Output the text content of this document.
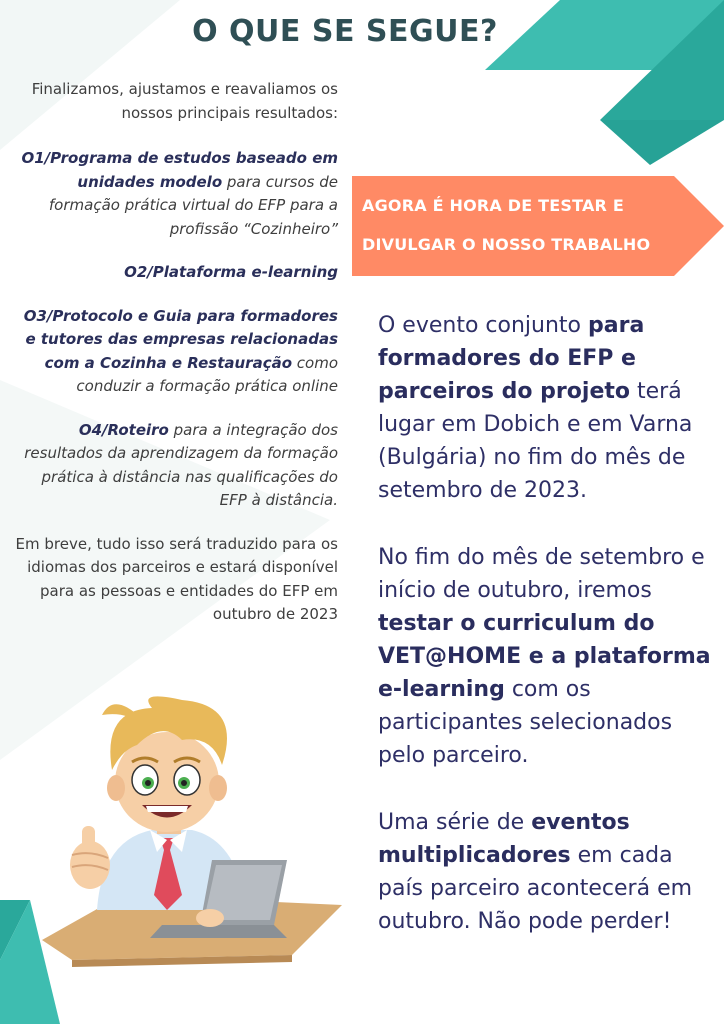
O QUE SE SEGUE?

Finalizamos, ajustamos e reavaliamos os nossos principais resultados:

O1/Programa de estudos baseado em unidades modelo para cursos de formação prática virtual do EFP para a profissão “Cozinheiro”

O2/Plataforma e-learning

O3/Protocolo e Guia para formadores e tutores das empresas relacionadas com a Cozinha e Restauração como conduzir a formação prática online

O4/Roteiro para a integração dos resultados da aprendizagem da formação prática à distância nas qualificações do EFP à distância.

Em breve, tudo isso será traduzido para os idiomas dos parceiros e estará disponível para as pessoas e entidades do EFP em outubro de 2023

AGORA É HORA DE TESTAR E
DIVULGAR O NOSSO TRABALHO

O evento conjunto para formadores do EFP e parceiros do projeto terá lugar em Dobich e em Varna (Bulgária) no fim do mês de setembro de 2023.

No fim do mês de setembro e início de outubro, iremos testar o curriculum do VET@HOME e a plataforma e-learning com os participantes selecionados pelo parceiro.

Uma série de eventos multiplicadores em cada país parceiro acontecerá em outubro. Não pode perder!
